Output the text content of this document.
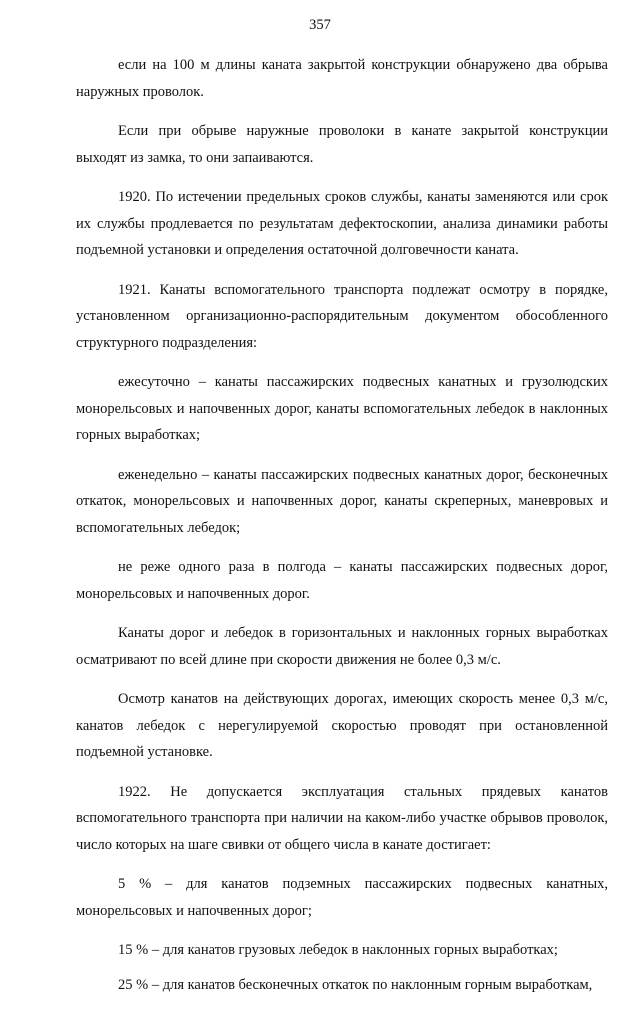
357

если на 100 м длины каната закрытой конструкции обнаружено два обрыва наружных проволок.

Если при обрыве наружные проволоки в канате закрытой конструкции выходят из замка, то они запаиваются.

1920. По истечении предельных сроков службы, канаты заменяются или срок их службы продлевается по результатам дефектоскопии, анализа динамики работы подъемной установки и определения остаточной долговечности каната.

1921. Канаты вспомогательного транспорта подлежат осмотру в порядке, установленном организационно-распорядительным документом обособленного структурного подразделения:

ежесуточно – канаты пассажирских подвесных канатных и грузолюдских монорельсовых и напочвенных дорог, канаты вспомогательных лебедок в наклонных горных выработках;

еженедельно – канаты пассажирских подвесных канатных дорог, бесконечных откаток, монорельсовых и напочвенных дорог, канаты скреперных, маневровых и вспомогательных лебедок;

не реже одного раза в полгода – канаты пассажирских подвесных дорог, монорельсовых и напочвенных дорог.

Канаты дорог и лебедок в горизонтальных и наклонных горных выработках осматривают по всей длине при скорости движения не более 0,3 м/с.

Осмотр канатов на действующих дорогах, имеющих скорость менее 0,3 м/с, канатов лебедок с нерегулируемой скоростью проводят при остановленной подъемной установке.

1922. Не допускается эксплуатация стальных прядевых канатов вспомогательного транспорта при наличии на каком-либо участке обрывов проволок, число которых на шаге свивки от общего числа в канате достигает:

5 % – для канатов подземных пассажирских подвесных канатных, монорельсовых и напочвенных дорог;

15 % – для канатов грузовых лебедок в наклонных горных выработках;

25 % – для канатов бесконечных откаток по наклонным горным выработкам,
